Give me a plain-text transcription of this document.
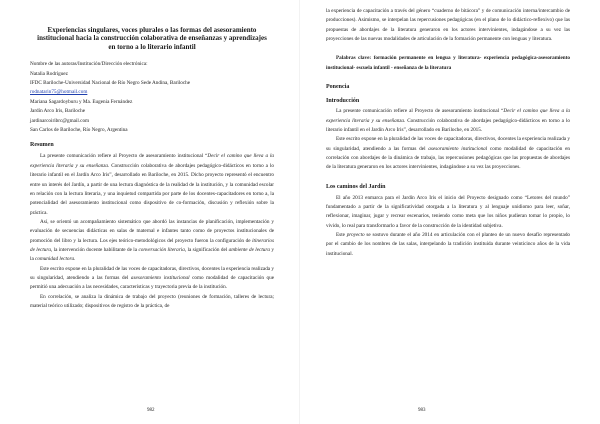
Experiencias singulares, voces plurales o las formas del asesoramiento institucional hacia la construcción colaborativa de enseñanzas y aprendizajes en torno a lo literario infantil

Nombre de las autoras/Institución/Dirección electrónica:

Natalia Rodríguez

IFDC Bariloche-Universidad Nacional de Río Negro Sede Andina, Bariloche

rodnatarin75@hotmail.com

Mariana Sagardoyburu y Ma. Eugenia Fernández

Jardín Arco Iris, Bariloche

jardinarcoiribrc@gmail.com

San Carlos de Bariloche, Río Negro, Argentina

Resumen

La presente comunicación refiere al Proyecto de asesoramiento institucional “Decir el camino que lleva a la experiencia literaria y su enseñanza. Construcción colaborativa de abordajes pedagógico-didácticos en torno a lo literario infantil en el Jardín Arco Iris”, desarrollado en Bariloche, en 2015. Dicho proyecto representó el encuentro entre un interés del Jardín, a partir de una lectura diagnóstica de la realidad de la institución, y la comunidad escolar en relación con la lectura literaria, y una inquietud compartida por parte de los docentes-capacitadores en torno a, la potencialidad del asesoramiento institucional como dispositivo de co-formación, discusión y reflexión sobre la práctica.

Así, se orientó un acompañamiento sistemático que abordó las instancias de planificación, implementación y evaluación de secuencias didácticas en salas de maternal e infantes tanto como de proyectos institucionales de promoción del libro y la lectura. Los ejes teórico-metodológicos del proyecto fueron la configuración de itinerarios de lectura, la intervención docente habilitante de la conversación literaria, la significación del ambiente de lectura y la comunidad lectora.

Este escrito expone en la pluralidad de las voces de capacitadoras, directivos, docentes la experiencia realizada y su singularidad, atendiendo a las formas del asesoramiento institucional como modalidad de capacitación que permitió una adecuación a las necesidades, características y trayectoria previa de la institución.

En correlación, se analiza la dinámica de trabajo del proyecto (reuniones de formación, talleres de lectura; material teórico utilizado; dispositivos de registro de la práctica, de

982

la experiencia de capacitación a través del género “cuaderno de bitácora” y de comunicación interna/intercambio de producciones). Asimismo, se interpelan las repercusiones pedagógicas (en el plano de lo didáctico-reflexivo) que las propuestas de abordajes de la literatura generaron en los actores intervinientes, indagándose a su vez las proyecciones de las nuevas modalidades de articulación de la formación permanente con lenguas y literatura.

Palabras clave: formación permanente en lengua y literatura- experiencia pedagógica-asesoramiento institucional- escuela infantil - enseñanza de la literatura

Ponencia

Introducción

La presente comunicación refiere al Proyecto de asesoramiento institucional “Decir el camino que lleva a la experiencia literaria y su enseñanza. Construcción colaborativa de abordajes pedagógico-didácticos en torno a lo literario infantil en el Jardín Arco Iris”, desarrollado en Bariloche, en 2015.

Este escrito expone en la pluralidad de las voces de capacitadoras, directivos, docentes la experiencia realizada y su singularidad, atendiendo a las formas del asesoramiento institucional como modalidad de capacitación en correlación con abordajes de la dinámica de trabajo, las repercusiones pedagógicas que las propuestas de abordajes de la literatura generaron en los actores intervinientes, indagándose a su vez las proyecciones.

Los caminos del Jardín

El año 2013 enmarca para el Jardín Arco Iris el inicio del Proyecto designado como “Letores del mundo” fundamentado a partir de la significatividad otorgada a la literatura y al lenguaje unidiomo para leer, soñar, reflexionar, imaginar, jugar y recrear escenarios, teniendo como meta que los niños pudieran tomar lo propio, lo vivido, lo real para transformarlo a favor de la construcción de la identidad subjetiva.

Este proyecto se sostuvo durante el año 2014 en articulación con el planteo de un nuevo desafío representado por el cambio de los nombres de las salas, interpelando la tradición instituida durante veinticinco años de la vida institucional.

983
